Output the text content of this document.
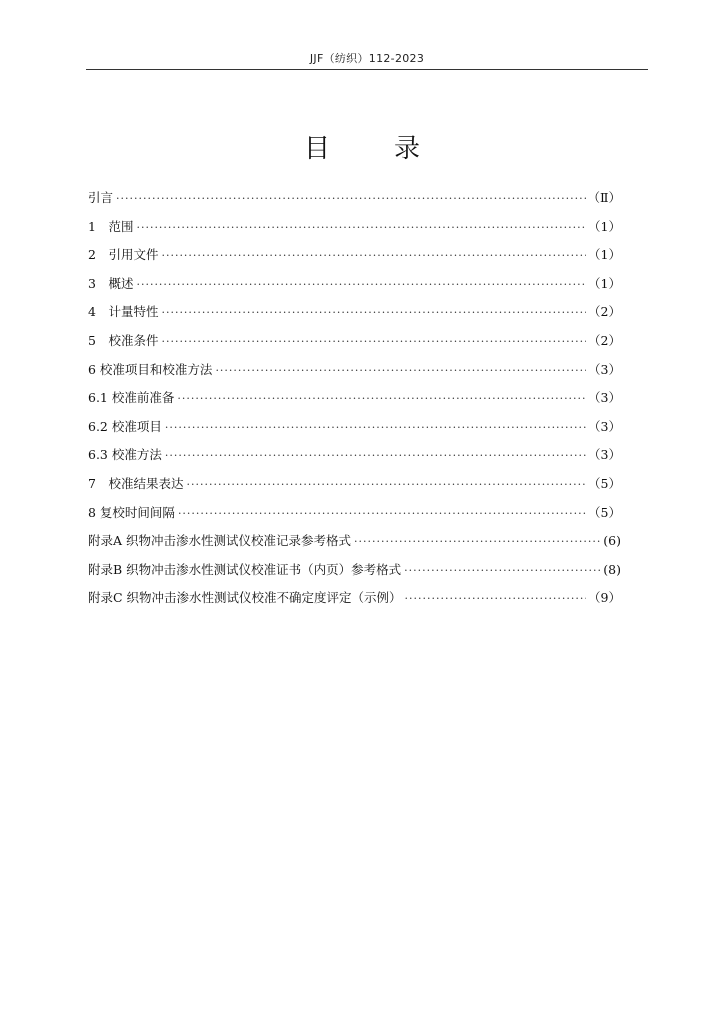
JJF（纺织）112-2023
目录
引言 ·····	（Ⅱ）
1　范围 ·····	（1）
2　引用文件 ·····	（1）
3　概述 ·····	（1）
4　计量特性 ·····	（2）
5　校准条件 ·····	（2）
6 校准项目和校准方法 ·····	（3）
6.1 校准前准备 ·····	（3）
6.2 校准项目 ·····	（3）
6.3 校准方法 ·····	（3）
7　校准结果表达 ·····	（5）
8 复校时间间隔 ·····	（5）
附录A 织物冲击渗水性测试仪校准记录参考格式 ·····	(6)
附录B 织物冲击渗水性测试仪校准证书（内页）参考格式 ·····	(8)
附录C 织物冲击渗水性测试仪校准不确定度评定（示例） ·····	（9）
